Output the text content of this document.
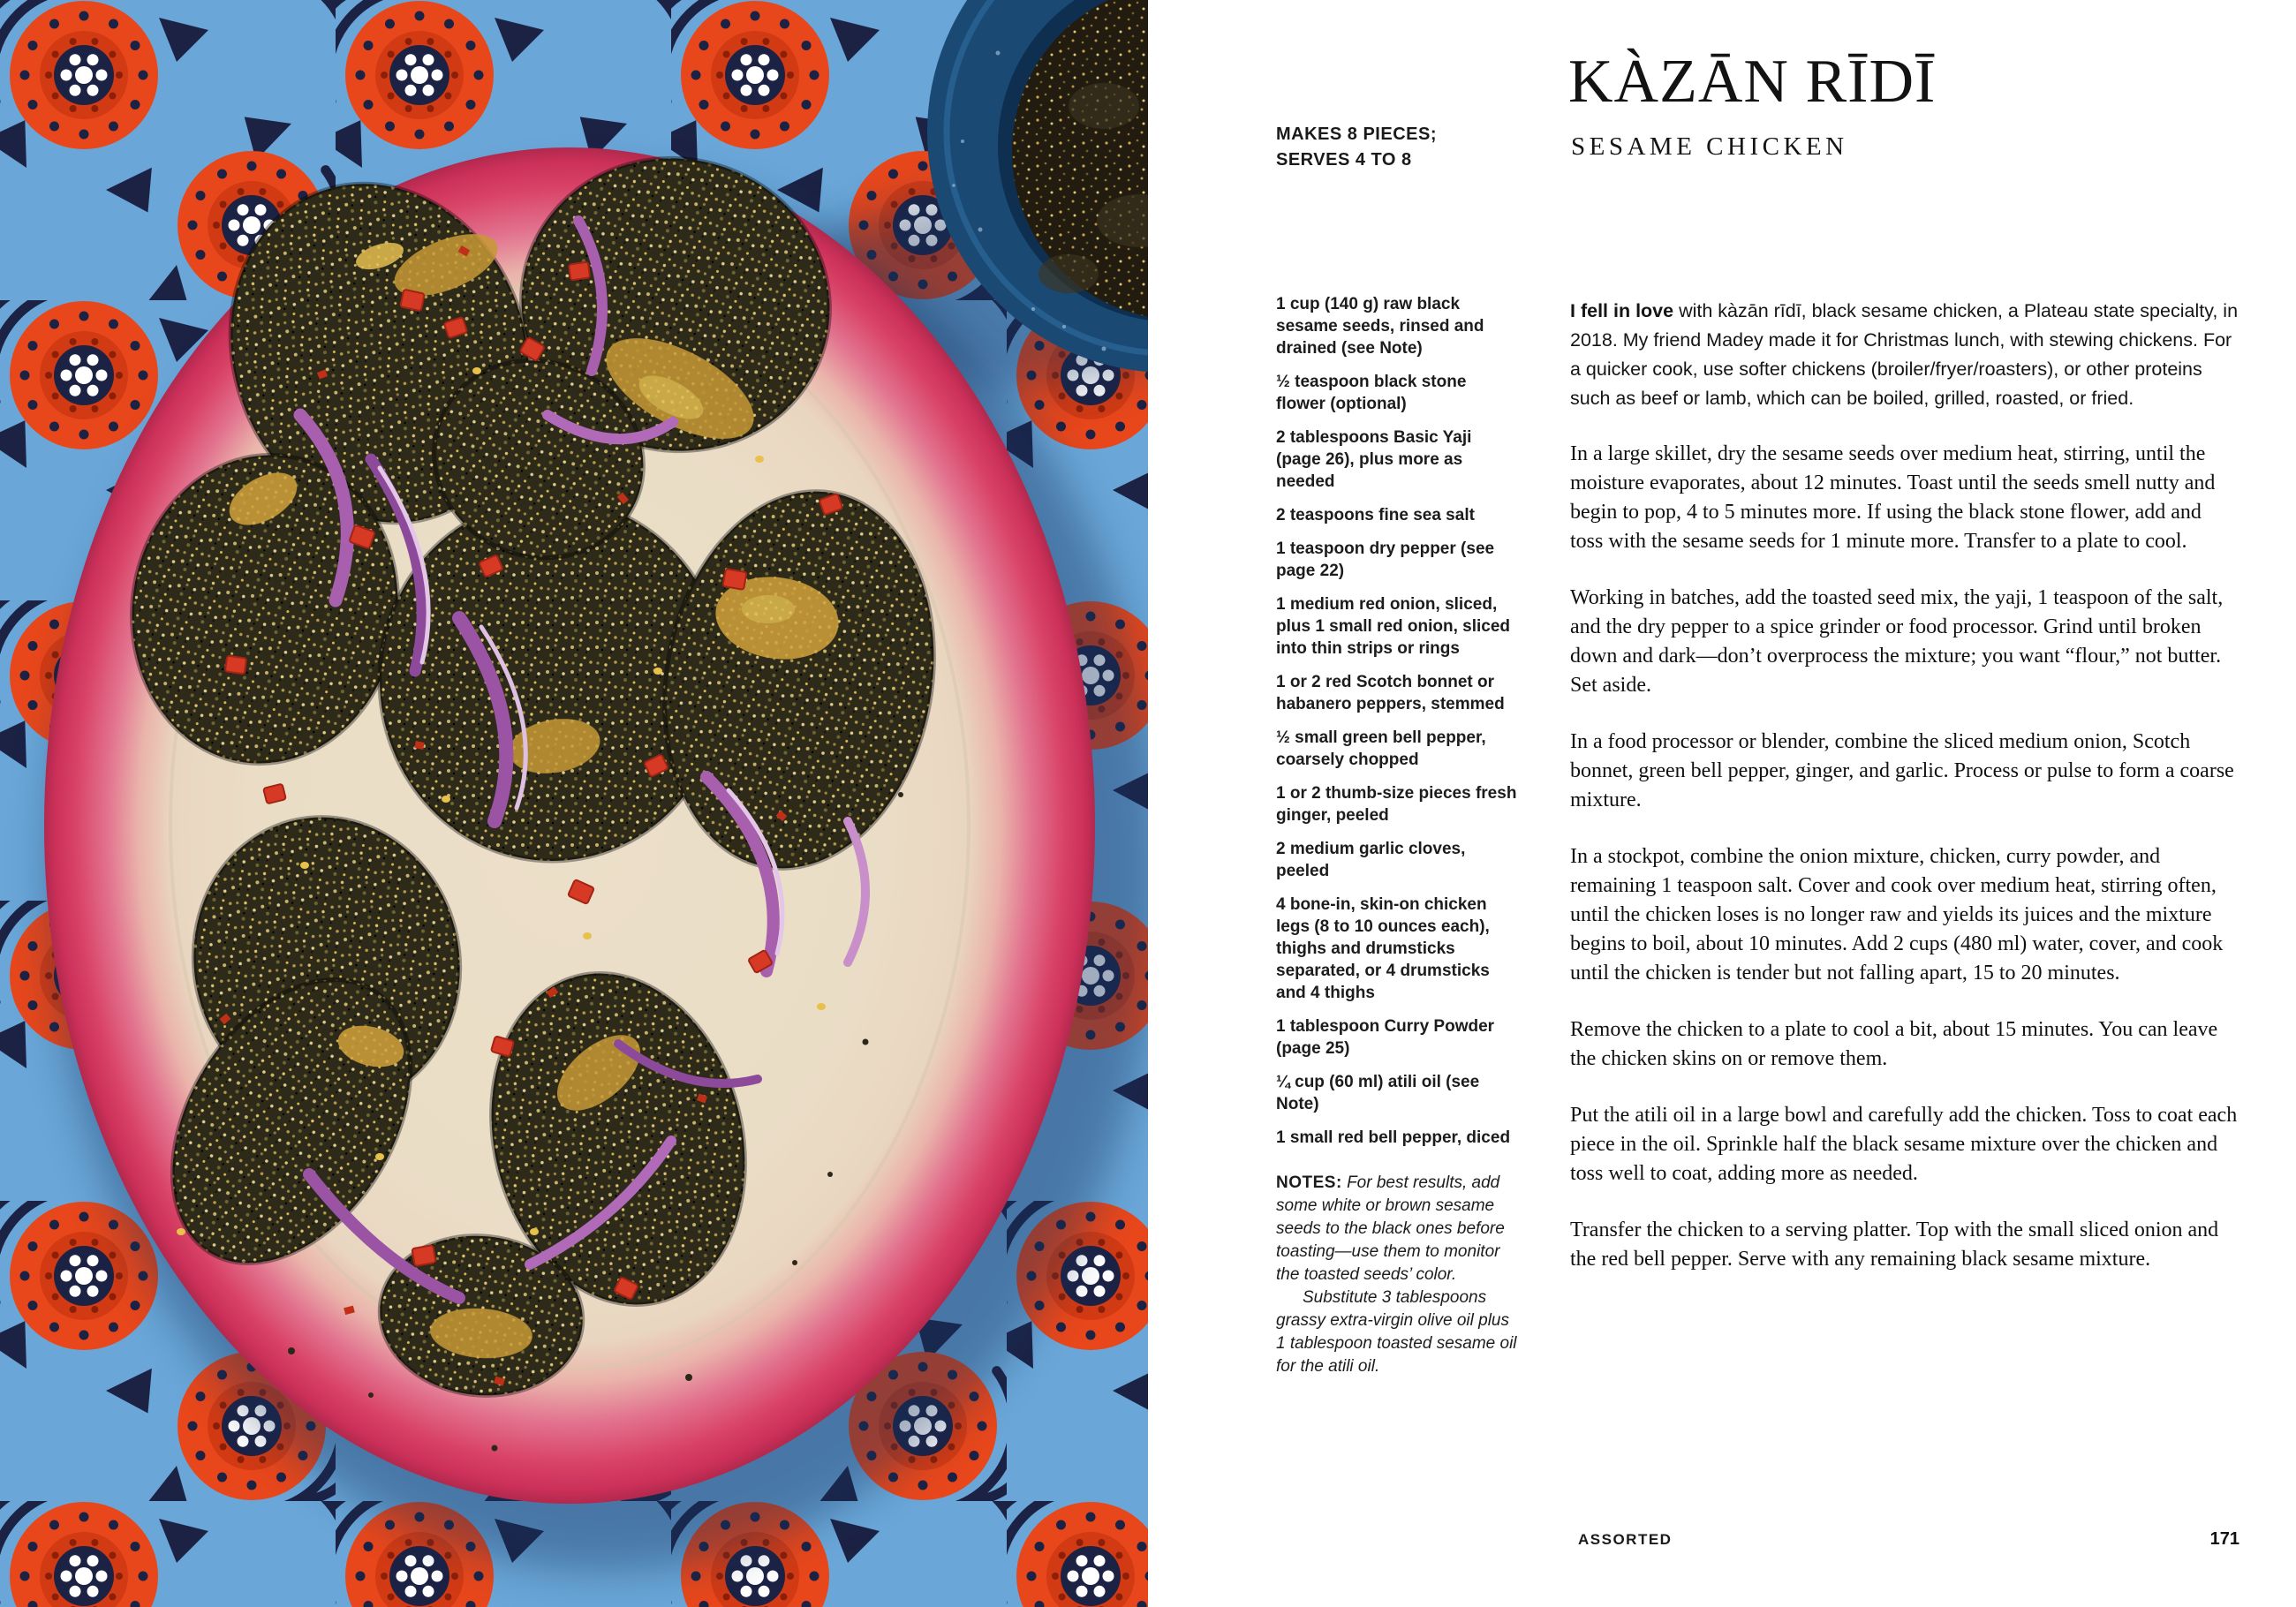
MAKES 8 PIECES;
SERVES 4 TO 8
KÀZĀN RĪDĪ
SESAME CHICKEN

1 cup (140 g) raw black sesame seeds, rinsed and drained (see Note)

½ teaspoon black stone flower (optional)

2 tablespoons Basic Yaji (page 26), plus more as needed

2 teaspoons fine sea salt

1 teaspoon dry pepper (see page 22)

1 medium red onion, sliced, plus 1 small red onion, sliced into thin strips or rings

1 or 2 red Scotch bonnet or habanero peppers, stemmed

½ small green bell pepper, coarsely chopped

1 or 2 thumb-size pieces fresh ginger, peeled

2 medium garlic cloves, peeled

4 bone-in, skin-on chicken legs (8 to 10 ounces each), thighs and drumsticks separated, or 4 drumsticks and 4 thighs

1 tablespoon Curry Powder (page 25)

¼ cup (60 ml) atili oil (see Note)

1 small red bell pepper, diced

NOTES: For best results, add some white or brown sesame seeds to the black ones before toasting—use them to monitor the toasted seeds’ color.

Substitute 3 tablespoons grassy extra-virgin olive oil plus 1 tablespoon toasted sesame oil for the atili oil.

I fell in love with kàzān rīdī, black sesame chicken, a Plateau state specialty, in 2018. My friend Madey made it for Christmas lunch, with stewing chickens. For a quicker cook, use softer chickens (broiler/fryer/roasters), or other proteins such as beef or lamb, which can be boiled, grilled, roasted, or fried.

In a large skillet, dry the sesame seeds over medium heat, stirring, until the moisture evaporates, about 12 minutes. Toast until the seeds smell nutty and begin to pop, 4 to 5 minutes more. If using the black stone flower, add and toss with the sesame seeds for 1 minute more. Transfer to a plate to cool.

Working in batches, add the toasted seed mix, the yaji, 1 teaspoon of the salt, and the dry pepper to a spice grinder or food processor. Grind until broken down and dark—don’t overprocess the mixture; you want “flour,” not butter. Set aside.

In a food processor or blender, combine the sliced medium onion, Scotch bonnet, green bell pepper, ginger, and garlic. Process or pulse to form a coarse mixture.

In a stockpot, combine the onion mixture, chicken, curry powder, and remaining 1 teaspoon salt. Cover and cook over medium heat, stirring often, until the chicken loses is no longer raw and yields its juices and the mixture begins to boil, about 10 minutes. Add 2 cups (480 ml) water, cover, and cook until the chicken is tender but not falling apart, 15 to 20 minutes.

Remove the chicken to a plate to cool a bit, about 15 minutes. You can leave the chicken skins on or remove them.

Put the atili oil in a large bowl and carefully add the chicken. Toss to coat each piece in the oil. Sprinkle half the black sesame mixture over the chicken and toss well to coat, adding more as needed.

Transfer the chicken to a serving platter. Top with the small sliced onion and the red bell pepper. Serve with any remaining black sesame mixture.

ASSORTED	171
